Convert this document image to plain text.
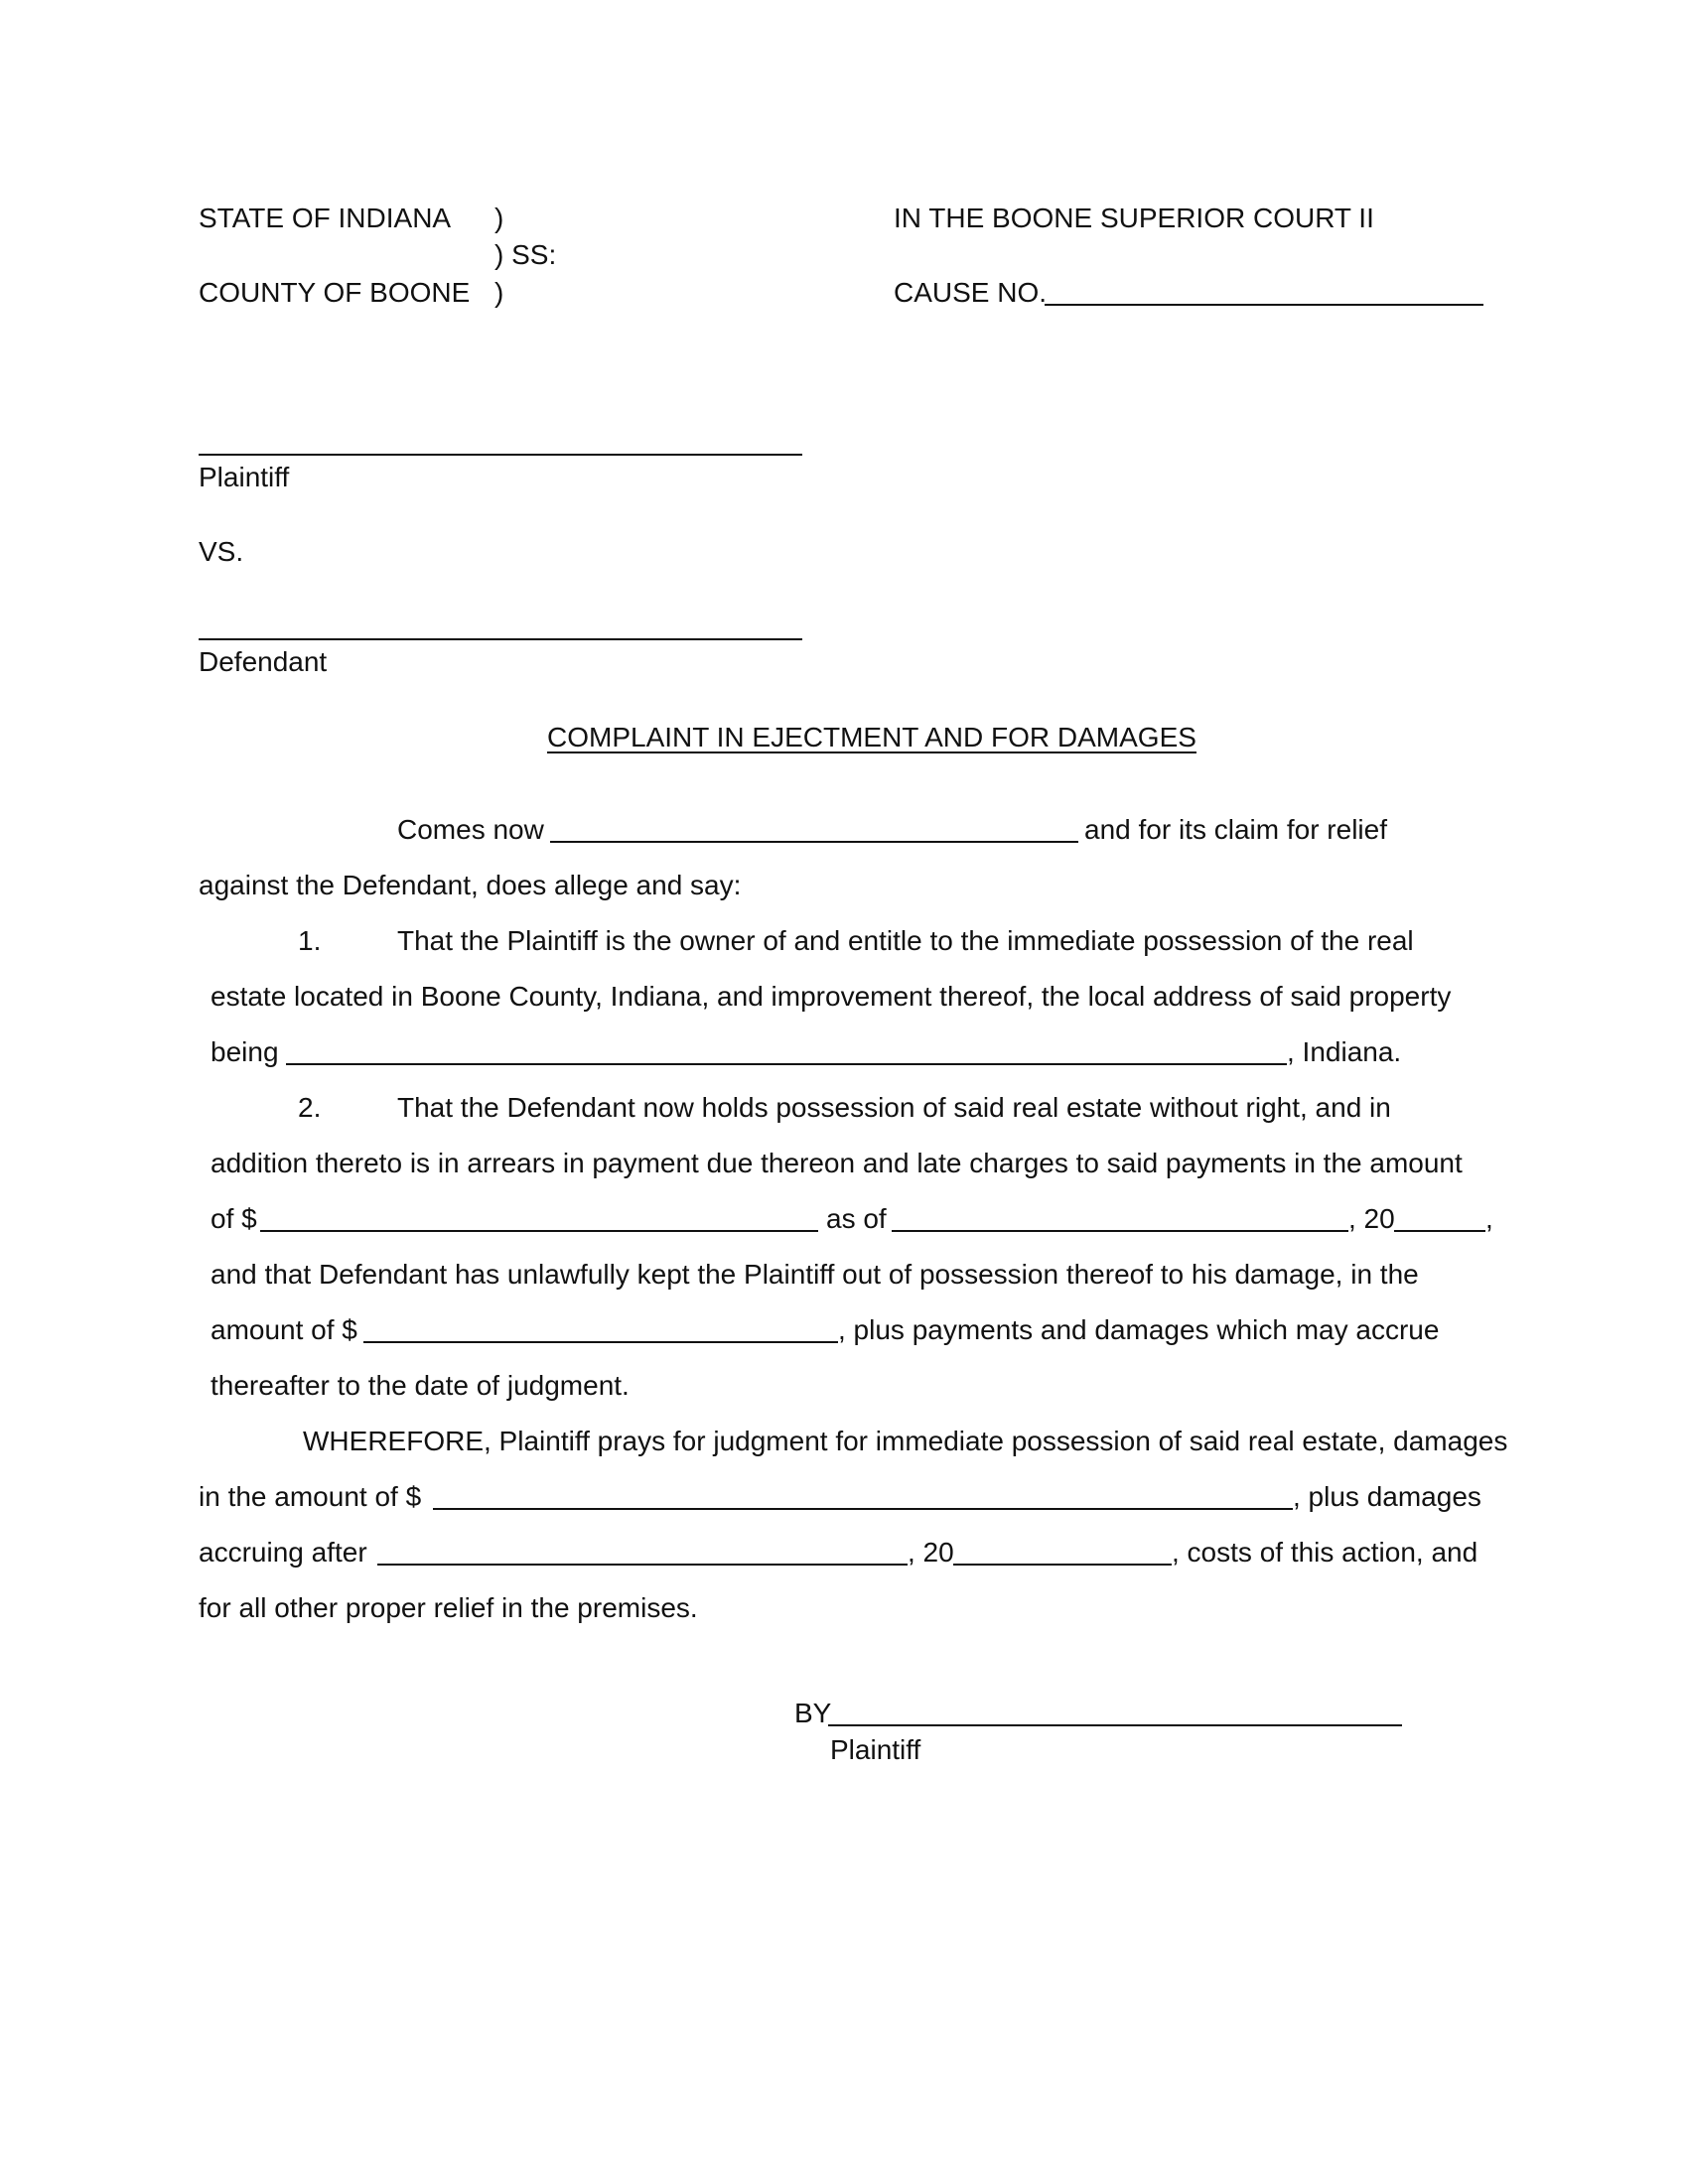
STATE OF INDIANA )
) SS:
COUNTY OF BOONE )
IN THE BOONE SUPERIOR COURT II
CAUSE NO.
Plaintiff
VS.
Defendant
COMPLAINT IN EJECTMENT AND FOR DAMAGES
Comes now	and for its claim for relief
against the Defendant, does allege and say:
1.	That the Plaintiff is the owner of and entitle to the immediate possession of the real
estate located in Boone County, Indiana, and improvement thereof, the local address of said property
being	, Indiana.
2.	That the Defendant now holds possession of said real estate without right, and in
addition thereto is in arrears in payment due thereon and late charges to said payments in the amount
of $	as of	, 20	,
and that Defendant has unlawfully kept the Plaintiff out of possession thereof to his damage, in the
amount of $	, plus payments and damages which may accrue
thereafter to the date of judgment.
WHEREFORE, Plaintiff prays for judgment for immediate possession of said real estate, damages
in the amount of $	, plus damages
accruing after	, 20	, costs of this action, and
for all other proper relief in the premises.
BY
Plaintiff
